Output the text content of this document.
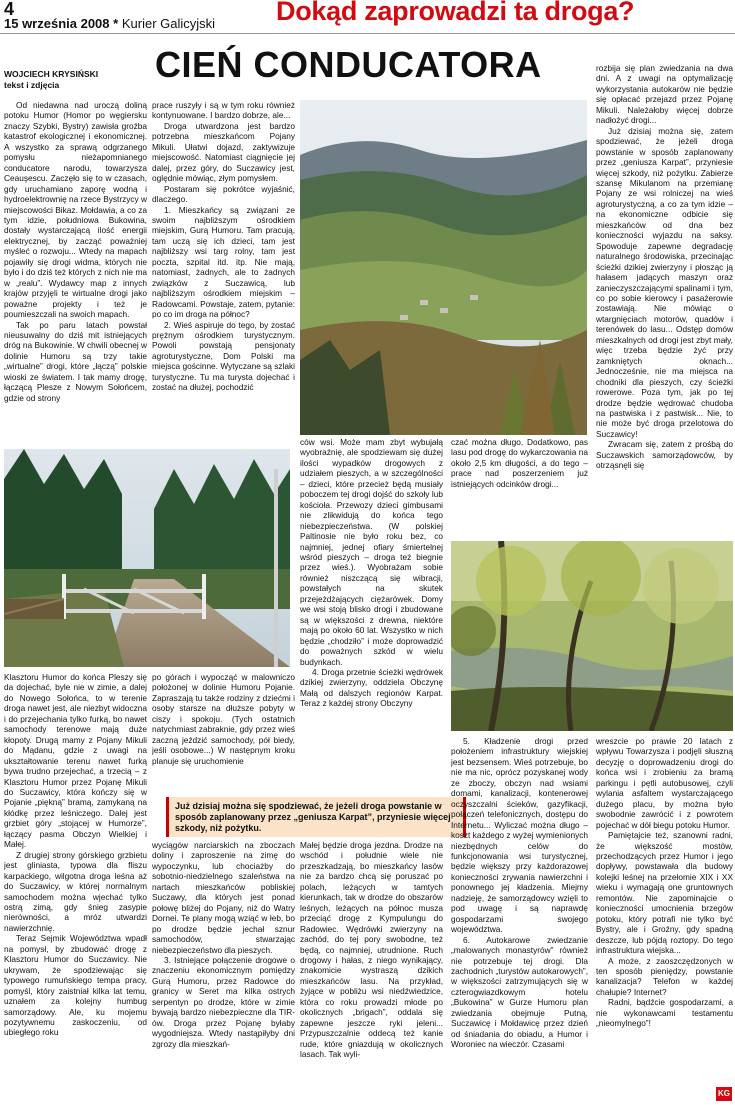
4
15 września 2008 * Kurier Galicyjski Dokąd zaprowadzi ta droga?
WOJCIECH KRYSIŃSKI
tekst i zdjęcia	CIEŃ CONDUCATORA

Od niedawna nad uroczą doliną potoku Humor (Homor po węgiersku znaczy Szybki, Bystry) zawisła groźba katastrof ekologicznej i ekonomicznej. A wszystko za sprawą odgrzanego pomysłu nieżapomnianego conducatore narodu, towarzysza Ceauşescu. Zaczęło się to w czasach, gdy uruchamiano zaporę wodną i hydroelektrownię na rzece Bystrzycy w miejscowości Bikaz. Mołdawia, a co za tym idzie, południowa Bukowina, dostały wystarczającą ilość energii elektrycznej, by zacząć poważniej myśleć o rozwoju... Wtedy na mapach pojawiły się drogi widma, których nie było i do dziś też których z nich nie ma w „realu”. Wydawcy map z innych krajów przyjęli te wirtualne drogi jako poważne projekty i też je poumieszczali na swoich mapach.

Tak po paru latach powstał nieusuwalny do dziś mit istniejących dróg na Bukowinie. W chwili obecnej w dolinie Humoru są trzy takie „wirtualne” drogi, które „łączą” polskie wioski ze światem. I tak mamy drogę, łączącą Plesze z Nowym Sołońcem, gdzie od strony

Klasztoru Humor do końca Pleszy się da dojechać, byle nie w zimie, a dalej do Nowego Sołońca, to w terenie droga nawet jest, ale niezbyt widoczna i do przejechania tylko furką, bo nawet samochody terenowe mają duże kłopoty. Drugą mamy z Pojany Mikuli do Mądanu, gdzie z uwagi na ukształtowanie terenu nawet furką bywa trudno przejechać, a trzecią – z Klasztoru Humor przez Pojanę Mikuli do Suczawicy, która kończy się w Pojanie „piękną” bramą, zamykaną na kłódkę przez leśniczego. Dalej jest grzbiet góry „stojącej w Humorze”, łączący pasma Obczyn Wielkiej i Małej.

Z drugiej strony górskiego grzbietu jest gliniasta, typowa dla fliszu karpackiego, wilgotna droga leśna aż do Suczawicy, w której normalnym samochodem można wjechać tylko ostrą zimą, gdy śnieg zasypie nierówności, a mróz utwardzi nawierzchnię.

Teraz Sejmik Województwa wpadł na pomysł, by zbudować drogę z Klasztoru Humor do Suczawicy. Nie ukrywam, że spodziewając się typowego rumuńskiego tempa pracy, pomyśl, który zaistniał kilka lat temu, uznałem za kolejny humbug samorządowy. Ale, ku mojemu pozytywnemu zaskoczeniu, od ubiegłego roku

prace ruszyły i są w tym roku również kontynuowane. I bardzo dobrze, ale...

Droga utwardzona jest bardzo potrzebna mieszkańcom Pojany Mikuli. Ułatwi dojazd, zaktywizuje miejscowość. Natomiast ciągnięcie jej dalej, przez góry, do Suczawicy jest, oględnie mówiąc, złym pomysłem.

Postaram się pokrótce wyjaśnić, dlaczego.

1. Mieszkańcy są związani ze swoim najbliższym ośrodkiem miejskim, Gurą Humoru. Tam pracują, tam uczą się ich dzieci, tam jest najbliższy wsi targ rolny, tam jest poczta, szpital itd. itp. Nie mają, natomiast, żadnych, ale to żadnych związków z Suczawicą, lub najbliższym ośrodkiem miejskim – Radowcami. Powstaje, zatem, pytanie: po co im droga na północ?

2. Wieś aspiruje do tego, by zostać prężnym ośrodkiem turystycznym. Powoli powstają pensjonaty agroturystyczne, Dom Polski ma miejsca gościnne. Wytyczane są szlaki turystyczne. Tu ma turysta dojechać i zostać na dłużej, pochodzić

po górach i wypocząć w malowniczo położonej w dolinie Humoru Pojanie. Zapraszają tu także rodziny z dziećmi i osoby starsze na dłuższe pobyty w ciszy i spokoju. (Tych ostatnich natychmiast zabraknie, gdy przez wieś zaczną jeździć samochody, pół biedy, jeśli osobowe...) W następnym kroku planuje się uruchomienie

Już dzisiaj można się spodziewać, że jeżeli droga powstanie w sposób zaplanowany przez „geniusza Karpat”, przyniesie więcej szkody, niż pożytku.

wyciągów narciarskich na zboczach doliny i zaproszenie na zimę do wypoczynku, lub chociażby do sobotnio-niedzielnego szaleństwa na nartach mieszkańców pobliskiej Suczawy, dla których jest ponad połowę bliżej do Pojany, niż do Watry Dornei. Te plany mogą wziąć w łeb, bo po drodze będzie jechał sznur samochodów, stwarzając niebezpieczeństwo dla pieszych.

3. Istniejące połączenie drogowe o znaczeniu ekonomicznym pomiędzy Gurą Humoru, przez Radowce do granicy w Seret ma kilka ostrych serpentyn po drodze, które w zimie bywają bardzo niebezpieczne dla TIR-ów. Droga przez Pojanę byłaby wygodniejsza. Wtedy nastąpiłyby dni zgrozy dla mieszkań-

ców wsi. Może mam zbyt wybujałą wyobraźnię, ale spodziewam się dużej ilości wypadków drogowych z udziałem pieszych, a w szczególności – dzieci, które przecież będą musiały poboczem tej drogi dojść do szkoły lub kościoła. Przewozy dzieci gimbusami nie zlikwidują do końca tego niebezpieczeństwa. (W polskiej Paltinosie nie było roku bez, co najmniej, jednej ofiary śmiertelnej wśród pieszych – droga też biegnie przez wieś.). Wyobrażam sobie również niszczącą się wibracji, powstałych na skutek przejeżdżających ciężarówek. Domy we wsi stoją blisko drogi i zbudowane są w większości z drewna, niektóre mają po około 60 lat. Wszystko w nich będzie „chodziło” i może doprowadzić do poważnych szkód w wielu budynkach.

4. Droga przetnie ścieżki wędrówek dzikiej zwierzyny, oddziela Obczynę Małą od dalszych regionów Karpat. Teraz z każdej strony Obczyny

Małej będzie droga jezdna. Drodze na wschód i południe wiele nie przeszkadzają, bo mieszkańcy lasów nie za bardzo chcą się poruszać po polach, leżących w tamtych kierunkach, tak w drodze do obszarów leśnych, leżących na północ musza przeciąć drogę z Kympulungu do Radowiec. Wędrówki zwierzyny na zachód, do tej pory swobodne, też będą, co najmniej, utrudnione. Ruch drogowy i hałas, z niego wynikający, znakomicie wystraszą dzikich mieszkańców lasu. Na przykład, żyjące w pobliżu wsi niedźwiedzice, która co roku prowadzi młode po okolicznych „brigach”, oddala się zapewne jeszcze ryki jeleni... Przypuszczalnie oddecą też kanie rude, które gniazdują w okolicznych lasach. Tak wyli-

czać można długo. Dodatkowo, pas lasu pod drogę do wykarczowania na około 2,5 km długości, a do tego – prace nad poszerzeniem już istniejących odcinków drogi...

5. Kładzenie drogi przed położeniem infrastruktury wiejskiej jest bezsensem. Wieś potrzebuje, bo nie ma nic, oprócz pozyskanej wody ze zboczy, obczyn nad wsiami domami, kanalizacji, kontenerowej oczyszczalni ścieków, gazyfikacji, połączeń telefonicznych, dostępu do Internetu... Wyliczać można długo – koszt każdego z wyżej wymienionych niezbędnych celów do funkcjonowania wsi turystycznej, będzie większy przy każdorazowej konieczności zrywania nawierzchni i ponownego jej kładzenia. Miejmy nadzieję, że samorządowcy wzięli to pod uwagę i są naprawdę gospodarzami swojego województwa.

6. Autokarowe zwiedzanie „malowanych monastyrów” również nie potrzebuje tej drogi. Dla zachodnich „turystów autokarowych”, w większości zatrzymujących się w czterogwiazdkowym hotelu „Bukowina” w Gurze Humoru plan zwiedzania obejmuje Putną, Suczawicę i Mołdawicę przez dzień od śniadania do obiadu, a Humor i Woroniec na wieczór. Czasami

rozbija się plan zwiedzania na dwa dni. A z uwagi na optymalizację wykorzystania autokarów nie będzie się opłacać przejazd przez Pojanę Mikuli. Należałoby więcej dobrze nadłożyć drogi...

Już dzisiaj można się, zatem spodziewać, że jeżeli droga powstanie w sposób zaplanowany przez „geniusza Karpat”, przyniesie więcej szkody, niż pożytku. Zabierze szansę Mikulanom na przemianę Pojany ze wsi rolniczej na wieś agroturystyczną, a co za tym idzie – na ekonomiczne odbicie się mieszkańców od dna bez konieczności wyjazdu na saksy. Spowoduje zapewne degradację naturalnego środowiska, przecinając ścieżki dzikiej zwierzyny i płosząc ją hałasem jadących maszyn oraz zanieczyszczającymi spalinami i tym, co po sobie kierowcy i pasażerowie zostawiają. Nie mówiąc o wtargnięciach motorów, quadów i terenówek do lasu... Odstęp domów mieszkalnych od drogi jest zbyt mały, więc trzeba będzie żyć przy zamkniętych oknach... Jednocześnie, nie ma miejsca na chodniki dla pieszych, czy ścieżki rowerowe. Poza tym, jak po tej drodze będzie wędrować chudoba na pastwiska i z pastwisk... Nie, to nie może być droga przelotowa do Suczawicy!

Zwracam się, zatem z prośbą do Suczawskich samorządowców, by otrząsnęli się

wreszcie po prawie 20 latach z wpływu Towarzysza i podjęli słuszną decyzję o doprowadzeniu drogi do końca wsi i zrobieniu za bramą parkingu i pętli autobusowej, czyli wylania asfaltem wystarczającego dużego placu, by można było swobodnie zawrócić i z powrotem pojechać w dół biegu potoku Humor.

Pamiętajcie też, szanowni radni, że większość mostów, przechodzących przez Humor i jego dopływy, powstawała dla budowy kolejki leśnej na przełomie XIX i XX wieku i wymagają one gruntownych remontów. Nie zapominajcie o konieczności umocnienia brzegów potoku, który potrafi nie tylko być Bystry, ale i Groźny, gdy spadną deszcze, lub pójdą roztopy. Do tego infrastruktura wiejska...

A może, z zaoszczędzonych w ten sposób pieniędzy, powstanie kanalizacja? Telefon w każdej chałupie? Internet?

Radni, bądźcie gospodarzami, a nie wykonawcami testamentu „nieomylnego”!

KG
